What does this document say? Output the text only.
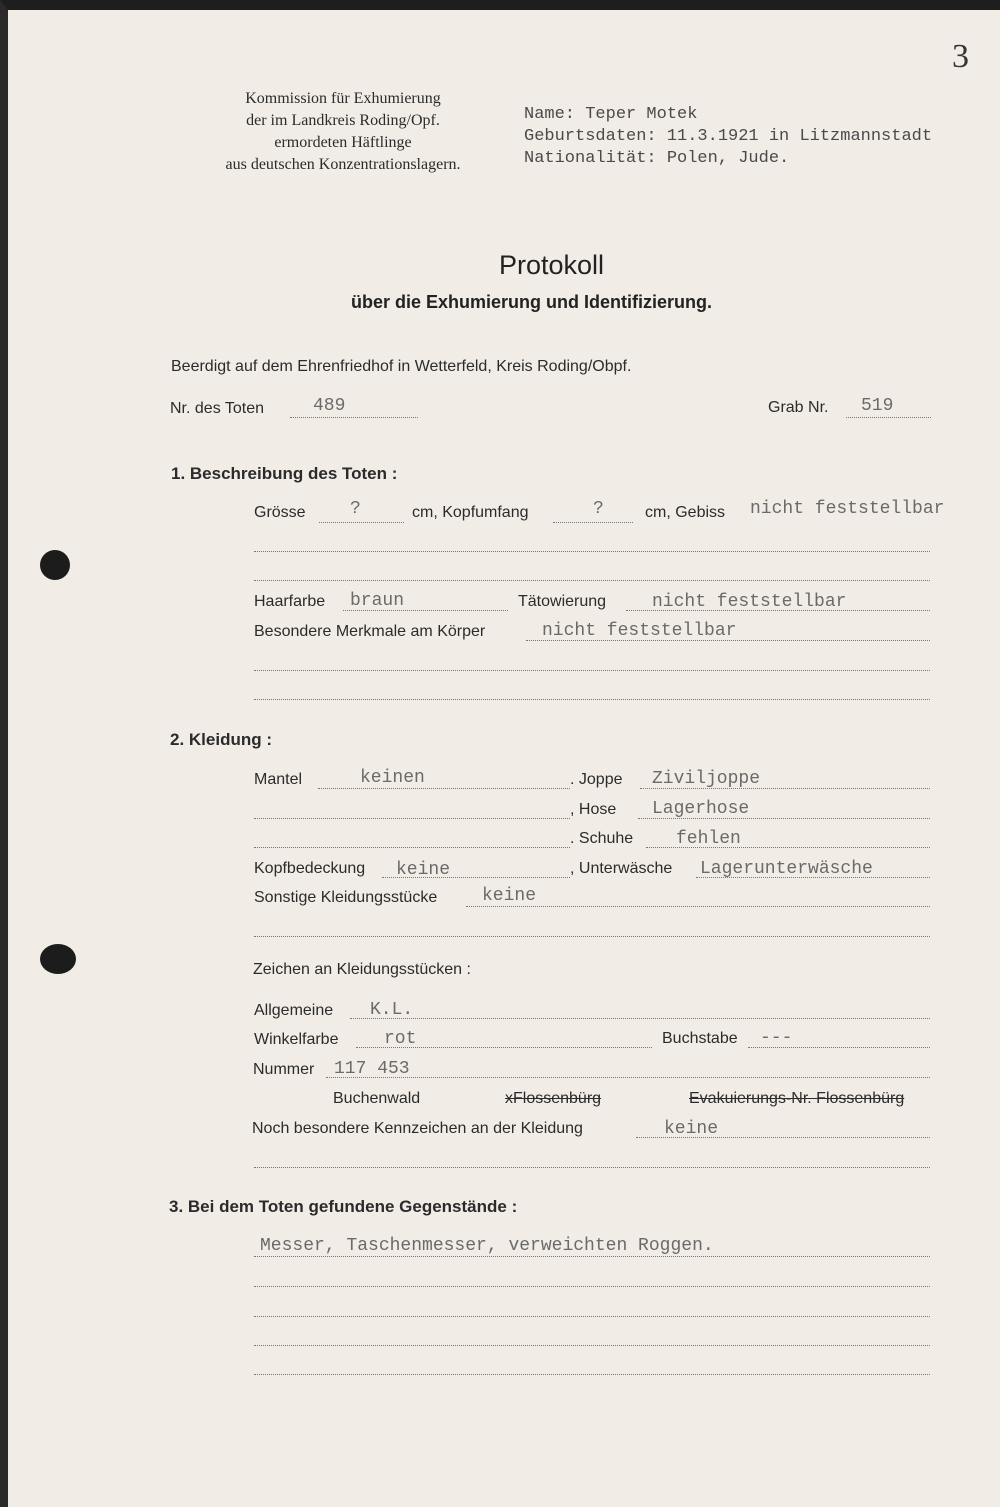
3
Kommission für Exhumierung
der im Landkreis Roding/Opf.
ermordeten Häftlinge
aus deutschen Konzentrationslagern.
Name: Teper Motek
Geburtsdaten: 11.3.1921 in Litzmannstadt
Nationalität: Polen, Jude.
Protokoll
über die Exhumierung und Identifizierung.
Beerdigt auf dem Ehrenfriedhof in Wetterfeld, Kreis Roding/Obpf.
Nr. des Toten	489	Grab Nr. 519
1. Beschreibung des Toten :
Grösse ?	cm, Kopfumfang	?	cm, Gebiss nicht feststellbar
Haarfarbe braun	Tätowierung	nicht feststellbar
Besondere Merkmale am Körper	nicht feststellbar
2. Kleidung :
Mantel	keinen	. Joppe Ziviljoppe
, Hose Lagerhose
. Schuhe fehlen
Kopfbedeckung keine	, Unterwäsche Lagerunterwäsche
Sonstige Kleidungsstücke keine
Zeichen an Kleidungsstücken :
Allgemeine K.L.
Winkelfarbe	rot	Buchstabe ---
Nummer 117 453
Buchenwald	xFlossenbürg	Evakuierungs-Nr. Flossenbürg
Noch besondere Kennzeichen an der Kleidung	keine
3. Bei dem Toten gefundene Gegenstände :
Messer, Taschenmesser, verweichten Roggen.
